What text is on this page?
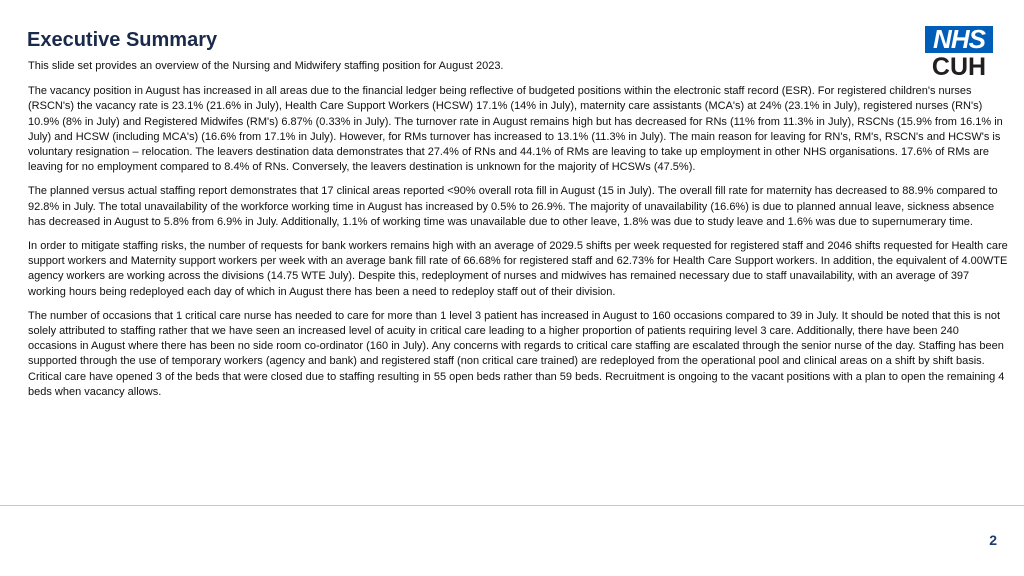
Executive Summary	NHS
CUH

This slide set provides an overview of the Nursing and Midwifery staffing position for August 2023.

The vacancy position in August has increased in all areas due to the financial ledger being reflective of budgeted positions within the electronic staff record (ESR). For registered children's nurses (RSCN's) the vacancy rate is 23.1% (21.6% in July), Health Care Support Workers (HCSW) 17.1% (14% in July), maternity care assistants (MCA's) at 24% (23.1% in July), registered nurses (RN's) 10.9% (8% in July) and Registered Midwifes (RM's) 6.87% (0.33% in July). The turnover rate in August remains high but has decreased for RNs (11% from 11.3% in July), RSCNs (15.9% from 16.1% in July) and HCSW (including MCA's) (16.6% from 17.1% in July). However, for RMs turnover has increased to 13.1% (11.3% in July). The main reason for leaving for RN's, RM's, RSCN's and HCSW's is voluntary resignation – relocation. The leavers destination data demonstrates that 27.4% of RNs and 44.1% of RMs are leaving to take up employment in other NHS organisations. 17.6% of RMs are leaving for no employment compared to 8.4% of RNs. Conversely, the leavers destination is unknown for the majority of HCSWs (47.5%).

The planned versus actual staffing report demonstrates that 17 clinical areas reported <90% overall rota fill in August (15 in July). The overall fill rate for maternity has decreased to 88.9% compared to 92.8% in July. The total unavailability of the workforce working time in August has increased by 0.5% to 26.9%. The majority of unavailability (16.6%) is due to planned annual leave, sickness absence has decreased in August to 5.8% from 6.9% in July. Additionally, 1.1% of working time was unavailable due to other leave, 1.8% was due to study leave and 1.6% was due to supernumerary time.

In order to mitigate staffing risks, the number of requests for bank workers remains high with an average of 2029.5 shifts per week requested for registered staff and 2046 shifts requested for Health care support workers and Maternity support workers per week with an average bank fill rate of 66.68% for registered staff and 62.73% for Health Care Support workers. In addition, the equivalent of 4.00WTE agency workers are working across the divisions (14.75 WTE July). Despite this, redeployment of nurses and midwives has remained necessary due to staff unavailability, with an average of 397 working hours being redeployed each day of which in August there has been a need to redeploy staff out of their division.

The number of occasions that 1 critical care nurse has needed to care for more than 1 level 3 patient has increased in August to 160 occasions compared to 39 in July. It should be noted that this is not solely attributed to staffing rather that we have seen an increased level of acuity in critical care leading to a higher proportion of patients requiring level 3 care. Additionally, there have been 240 occasions in August where there has been no side room co-ordinator (160 in July). Any concerns with regards to critical care staffing are escalated through the senior nurse of the day. Staffing has been supported through the use of temporary workers (agency and bank) and registered staff (non critical care trained) are redeployed from the operational pool and clinical areas on a shift by shift basis. Critical care have opened 3 of the beds that were closed due to staffing resulting in 55 open beds rather than 59 beds. Recruitment is ongoing to the vacant positions with a plan to open the remaining 4 beds when vacancy allows.

2
